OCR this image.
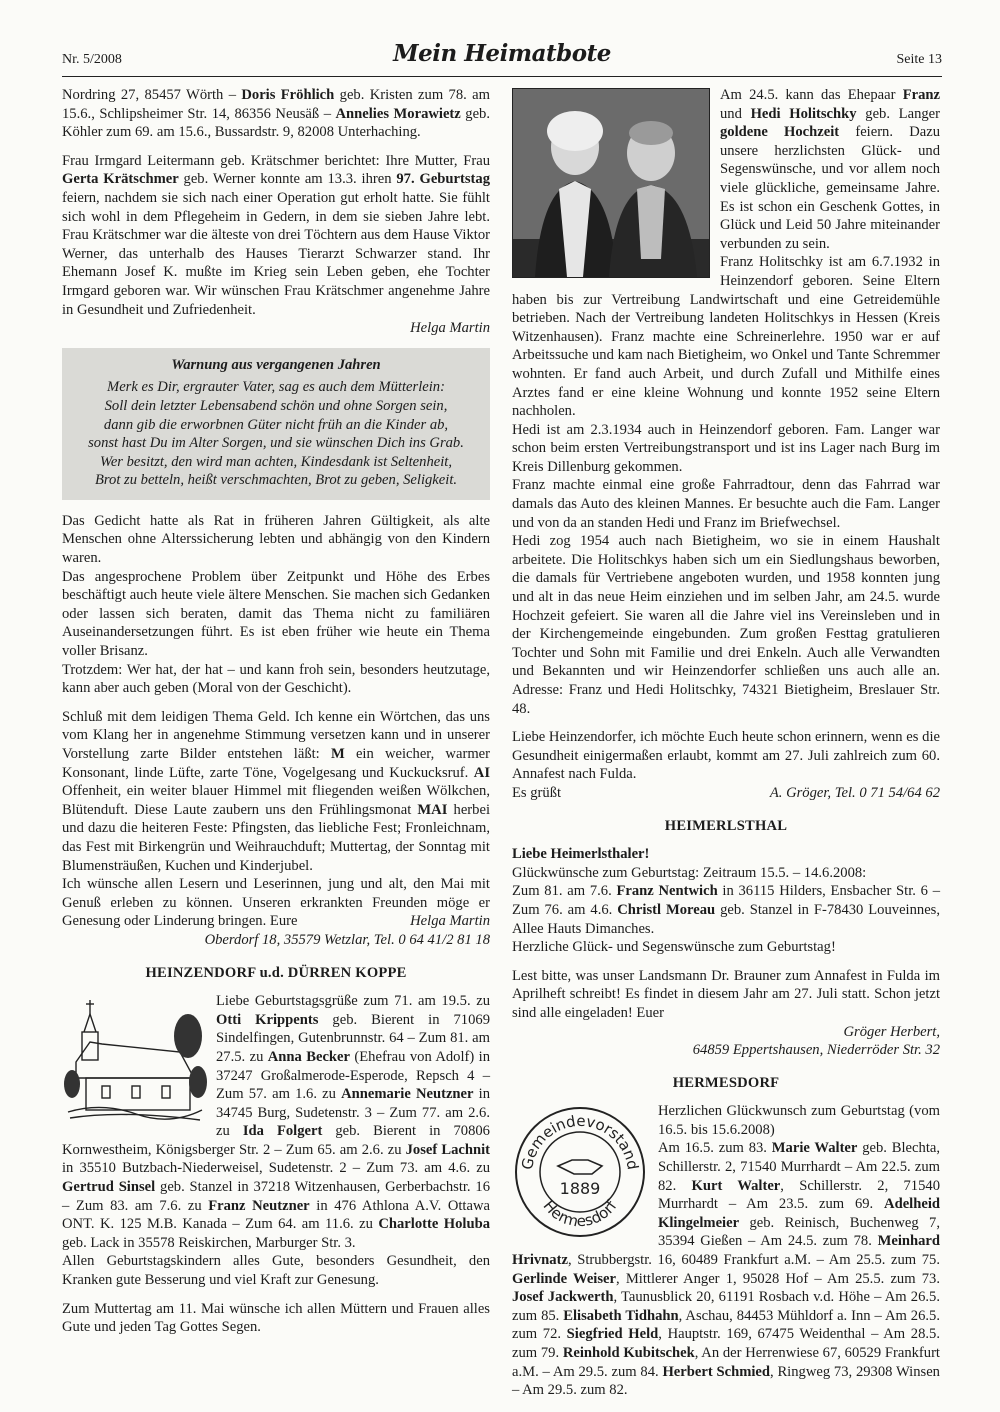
Nr. 5/2008	Mein Heimatbote	Seite 13

Nordring 27, 85457 Wörth – Doris Fröhlich geb. Kristen zum 78. am 15.6., Schlipsheimer Str. 14, 86356 Neusäß – Annelies Morawietz geb. Köhler zum 69. am 15.6., Bussardstr. 9, 82008 Unterhaching.

Frau Irmgard Leitermann geb. Krätschmer berichtet: Ihre Mutter, Frau Gerta Krätschmer geb. Werner konnte am 13.3. ihren 97. Geburtstag feiern, nachdem sie sich nach einer Operation gut erholt hatte. Sie fühlt sich wohl in dem Pflegeheim in Gedern, in dem sie sieben Jahre lebt. Frau Krätschmer war die älteste von drei Töchtern aus dem Hause Viktor Werner, das unterhalb des Hauses Tierarzt Schwarzer stand. Ihr Ehemann Josef K. mußte im Krieg sein Leben geben, ehe Tochter Irmgard geboren war. Wir wünschen Frau Krätschmer angenehme Jahre in Gesundheit und Zufriedenheit.

Helga Martin

Warnung aus vergangenen Jahren
Merk es Dir, ergrauter Vater, sag es auch dem Mütterlein:
Soll dein letzter Lebensabend schön und ohne Sorgen sein,
dann gib die erworbnen Güter nicht früh an die Kinder ab,
sonst hast Du im Alter Sorgen, und sie wünschen Dich ins Grab.
Wer besitzt, den wird man achten, Kindesdank ist Seltenheit,
Brot zu betteln, heißt verschmachten, Brot zu geben, Seligkeit.

Das Gedicht hatte als Rat in früheren Jahren Gültigkeit, als alte Menschen ohne Alterssicherung lebten und abhängig von den Kindern waren.

Das angesprochene Problem über Zeitpunkt und Höhe des Erbes beschäftigt auch heute viele ältere Menschen. Sie machen sich Gedanken oder lassen sich beraten, damit das Thema nicht zu familiären Auseinandersetzungen führt. Es ist eben früher wie heute ein Thema voller Brisanz.

Trotzdem: Wer hat, der hat – und kann froh sein, besonders heutzutage, kann aber auch geben (Moral von der Geschicht).

Schluß mit dem leidigen Thema Geld. Ich kenne ein Wörtchen, das uns vom Klang her in angenehme Stimmung versetzen kann und in unserer Vorstellung zarte Bilder entstehen läßt: M ein weicher, warmer Konsonant, linde Lüfte, zarte Töne, Vogelgesang und Kuckucksruf. AI Offenheit, ein weiter blauer Himmel mit fliegenden weißen Wölkchen, Blütenduft. Diese Laute zaubern uns den Frühlingsmonat MAI herbei und dazu die heiteren Feste: Pfingsten, das liebliche Fest; Fronleichnam, das Fest mit Birkengrün und Weihrauchduft; Muttertag, der Sonntag mit Blumensträußen, Kuchen und Kinderjubel.

Ich wünsche allen Lesern und Leserinnen, jung und alt, den Mai mit Genuß erleben zu können. Unseren erkrankten Freunden möge er Genesung oder Linderung bringen. Eure	Helga Martin

Oberdorf 18, 35579 Wetzlar, Tel. 0 64 41/2 81 18

HEINZENDORF u.d. DÜRREN KOPPE

Liebe Geburtstagsgrüße zum 71. am 19.5. zu Otti Krippents geb. Bierent in 71069 Sindelfingen, Gutenbrunnstr. 64 – Zum 81. am 27.5. zu Anna Becker (Ehefrau von Adolf) in 37247 Großalmerode-Esperode, Repsch 4 – Zum 57. am 1.6. zu Annemarie Neutzner in 34745 Burg, Sudetenstr. 3 – Zum 77. am 2.6. zu Ida Folgert geb. Bierent in 70806 Kornwestheim, Königsberger Str. 2 – Zum 65. am 2.6. zu Josef Lachnit in 35510 Butzbach-Niederweisel, Sudetenstr. 2 – Zum 73. am 4.6. zu Gertrud Sinsel geb. Stanzel in 37218 Witzenhausen, Gerberbachstr. 16 – Zum 83. am 7.6. zu Franz Neutzner in 476 Athlona A.V. Ottawa ONT. K. 125 M.B. Kanada – Zum 64. am 11.6. zu Charlotte Holuba geb. Lack in 35578 Reiskirchen, Marburger Str. 3.

Allen Geburtstagskindern alles Gute, besonders Gesundheit, den Kranken gute Besserung und viel Kraft zur Genesung.

Zum Muttertag am 11. Mai wünsche ich allen Müttern und Frauen alles Gute und jeden Tag Gottes Segen.

Am 24.5. kann das Ehepaar Franz und Hedi Holitschky geb. Langer goldene Hochzeit feiern. Dazu unsere herzlichsten Glück- und Segenswünsche, und vor allem noch viele glückliche, gemeinsame Jahre. Es ist schon ein Geschenk Gottes, in Glück und Leid 50 Jahre miteinander verbunden zu sein.

Franz Holitschky ist am 6.7.1932 in Heinzendorf geboren. Seine Eltern haben bis zur Vertreibung Landwirtschaft und eine Getreidemühle betrieben. Nach der Vertreibung landeten Holitschkys in Hessen (Kreis Witzenhausen). Franz machte eine Schreinerlehre. 1950 war er auf Arbeitssuche und kam nach Bietigheim, wo Onkel und Tante Schremmer wohnten. Er fand auch Arbeit, und durch Zufall und Mithilfe eines Arztes fand er eine kleine Wohnung und konnte 1952 seine Eltern nachholen.

Hedi ist am 2.3.1934 auch in Heinzendorf geboren. Fam. Langer war schon beim ersten Vertreibungstransport und ist ins Lager nach Burg im Kreis Dillenburg gekommen.

Franz machte einmal eine große Fahrradtour, denn das Fahrrad war damals das Auto des kleinen Mannes. Er besuchte auch die Fam. Langer und von da an standen Hedi und Franz im Briefwechsel.

Hedi zog 1954 auch nach Bietigheim, wo sie in einem Haushalt arbeitete. Die Holitschkys haben sich um ein Siedlungshaus beworben, die damals für Vertriebene angeboten wurden, und 1958 konnten jung und alt in das neue Heim einziehen und im selben Jahr, am 24.5. wurde Hochzeit gefeiert. Sie waren all die Jahre viel ins Vereinsleben und in der Kirchengemeinde eingebunden. Zum großen Festtag gratulieren Tochter und Sohn mit Familie und drei Enkeln. Auch alle Verwandten und Bekannten und wir Heinzendorfer schließen uns auch alle an. Adresse: Franz und Hedi Holitschky, 74321 Bietigheim, Breslauer Str. 48.

Liebe Heinzendorfer, ich möchte Euch heute schon erinnern, wenn es die Gesundheit einigermaßen erlaubt, kommt am 27. Juli zahlreich zum 60. Annafest nach Fulda.

Es grüßt	A. Gröger, Tel. 0 71 54/64 62
HEIMERLSTHAL

Liebe Heimerlsthaler!

Glückwünsche zum Geburtstag: Zeitraum 15.5. – 14.6.2008:

Zum 81. am 7.6. Franz Nentwich in 36115 Hilders, Ensbacher Str. 6 – Zum 76. am 4.6. Christl Moreau geb. Stanzel in F-78430 Louveinnes, Allee Hauts Dimanches.

Herzliche Glück- und Segenswünsche zum Geburtstag!

Lest bitte, was unser Landsmann Dr. Brauner zum Annafest in Fulda im Aprilheft schreibt! Es findet in diesem Jahr am 27. Juli statt. Schon jetzt sind alle eingeladen! Euer

Gröger Herbert,

64859 Eppertshausen, Niederröder Str. 32

HERMESDORF
Gemeindevorstand
Hermesdorf
1889

Herzlichen Glückwunsch zum Geburtstag (vom 16.5. bis 15.6.2008)

Am 16.5. zum 83. Marie Walter geb. Blechta, Schillerstr. 2, 71540 Murrhardt – Am 22.5. zum 82. Kurt Walter, Schillerstr. 2, 71540 Murrhardt – Am 23.5. zum 69. Adelheid Klingelmeier geb. Reinisch, Buchenweg 7, 35394 Gießen – Am 24.5. zum 78. Meinhard Hrivnatz, Strubbergstr. 16, 60489 Frankfurt a.M. – Am 25.5. zum 75. Gerlinde Weiser, Mittlerer Anger 1, 95028 Hof – Am 25.5. zum 73. Josef Jackwerth, Taunusblick 20, 61191 Rosbach v.d. Höhe – Am 26.5. zum 85. Elisabeth Tidhahn, Aschau, 84453 Mühldorf a. Inn – Am 26.5. zum 72. Siegfried Held, Hauptstr. 169, 67475 Weidenthal – Am 28.5. zum 79. Reinhold Kubitschek, An der Herrenwiese 67, 60529 Frankfurt a.M. – Am 29.5. zum 84. Herbert Schmied, Ringweg 73, 29308 Winsen – Am 29.5. zum 82.
